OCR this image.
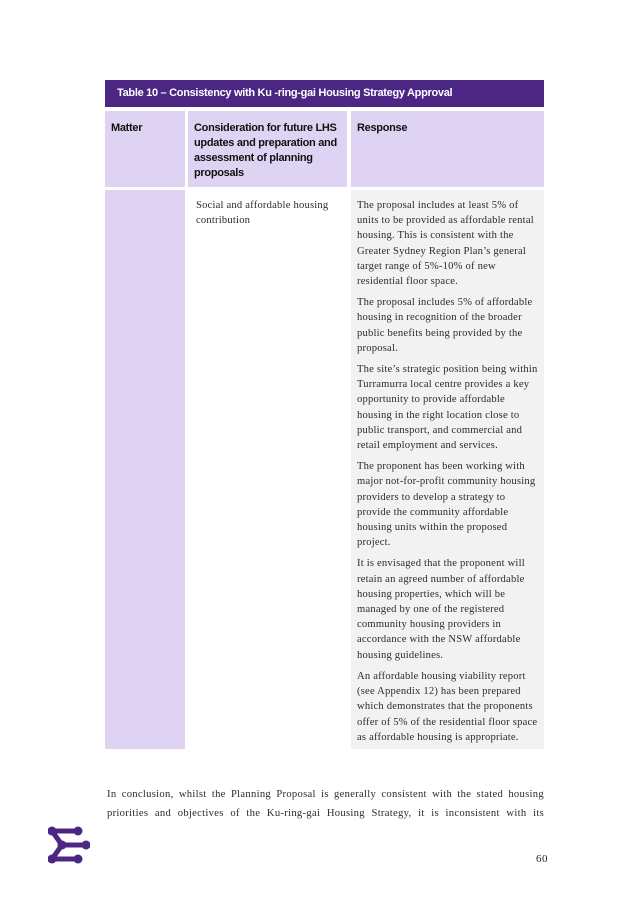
Table 10 – Consistency with Ku -ring-gai Housing Strategy Approval
Matter	Consideration for future LHS updates and preparation and assessment of planning proposals
Response
Social and affordable housing contribution

The proposal includes at least 5% of units to be provided as affordable rental housing. This is consistent with the Greater Sydney Region Plan’s general target range of 5%-10% of new residential floor space.

The proposal includes 5% of affordable housing in recognition of the broader public benefits being provided by the proposal.

The site’s strategic position being within Turramurra local centre provides a key opportunity to provide affordable housing in the right location close to public transport, and commercial and retail employment and services.

The proponent has been working with major not-for-profit community housing providers to develop a strategy to provide the community affordable housing units within the proposed project.

It is envisaged that the proponent will retain an agreed number of affordable housing properties, which will be managed by one of the registered community housing providers in accordance with the NSW affordable housing guidelines.

An affordable housing viability report (see Appendix 12) has been prepared which demonstrates that the proponents offer of 5% of the residential floor space as affordable housing is appropriate.

In conclusion, whilst the Planning Proposal is generally consistent with the stated housing priorities and objectives of the Ku-ring-gai Housing Strategy, it is inconsistent with its
60
